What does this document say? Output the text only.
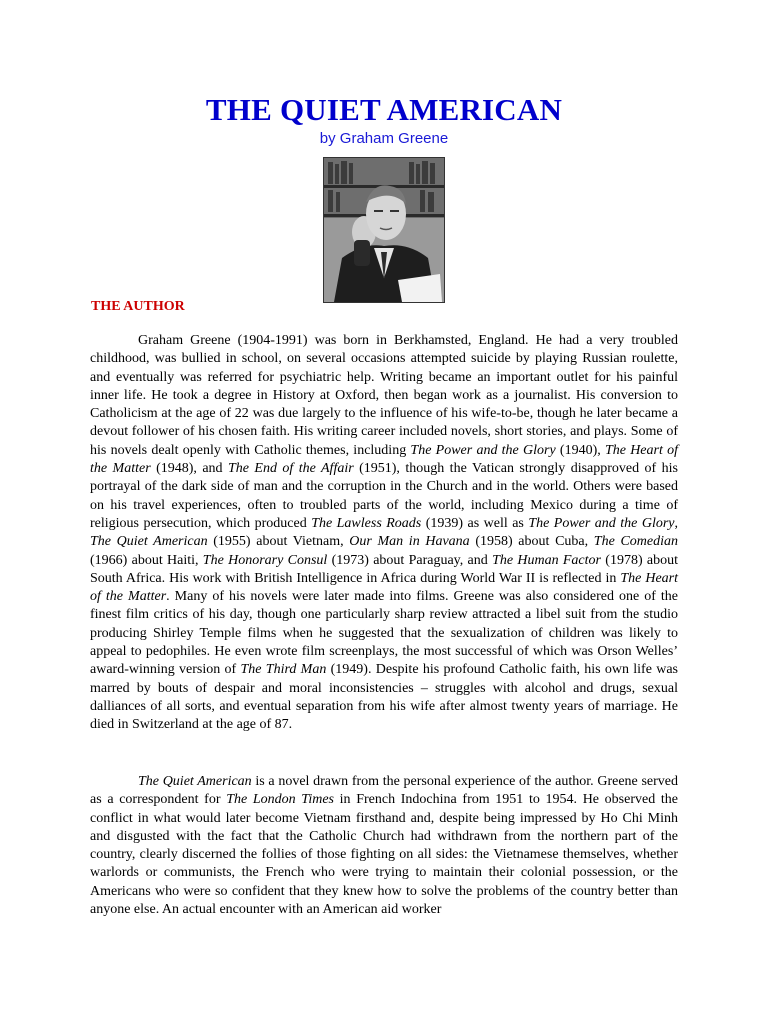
THE QUIET AMERICAN
by Graham Greene
THE AUTHOR

Graham Greene (1904-1991) was born in Berkhamsted, England. He had a very troubled childhood, was bullied in school, on several occasions attempted suicide by playing Russian roulette, and eventually was referred for psychiatric help. Writing became an important outlet for his painful inner life. He took a degree in History at Oxford, then began work as a journalist. His conversion to Catholicism at the age of 22 was due largely to the influence of his wife-to-be, though he later became a devout follower of his chosen faith. His writing career included novels, short stories, and plays. Some of his novels dealt openly with Catholic themes, including The Power and the Glory (1940), The Heart of the Matter (1948), and The End of the Affair (1951), though the Vatican strongly disapproved of his portrayal of the dark side of man and the corruption in the Church and in the world. Others were based on his travel experiences, often to troubled parts of the world, including Mexico during a time of religious persecution, which produced The Lawless Roads (1939) as well as The Power and the Glory, The Quiet American (1955) about Vietnam, Our Man in Havana (1958) about Cuba, The Comedian (1966) about Haiti, The Honorary Consul (1973) about Paraguay, and The Human Factor (1978) about South Africa. His work with British Intelligence in Africa during World War II is reflected in The Heart of the Matter. Many of his novels were later made into films. Greene was also considered one of the finest film critics of his day, though one particularly sharp review attracted a libel suit from the studio producing Shirley Temple films when he suggested that the sexualization of children was likely to appeal to pedophiles. He even wrote film screenplays, the most successful of which was Orson Welles’ award-winning version of The Third Man (1949). Despite his profound Catholic faith, his own life was marred by bouts of despair and moral inconsistencies – struggles with alcohol and drugs, sexual dalliances of all sorts, and eventual separation from his wife after almost twenty years of marriage. He died in Switzerland at the age of 87.

The Quiet American is a novel drawn from the personal experience of the author. Greene served as a correspondent for The London Times in French Indochina from 1951 to 1954. He observed the conflict in what would later become Vietnam firsthand and, despite being impressed by Ho Chi Minh and disgusted with the fact that the Catholic Church had withdrawn from the northern part of the country, clearly discerned the follies of those fighting on all sides: the Vietnamese themselves, whether warlords or communists, the French who were trying to maintain their colonial possession, or the Americans who were so confident that they knew how to solve the problems of the country better than anyone else. An actual encounter with an American aid worker
